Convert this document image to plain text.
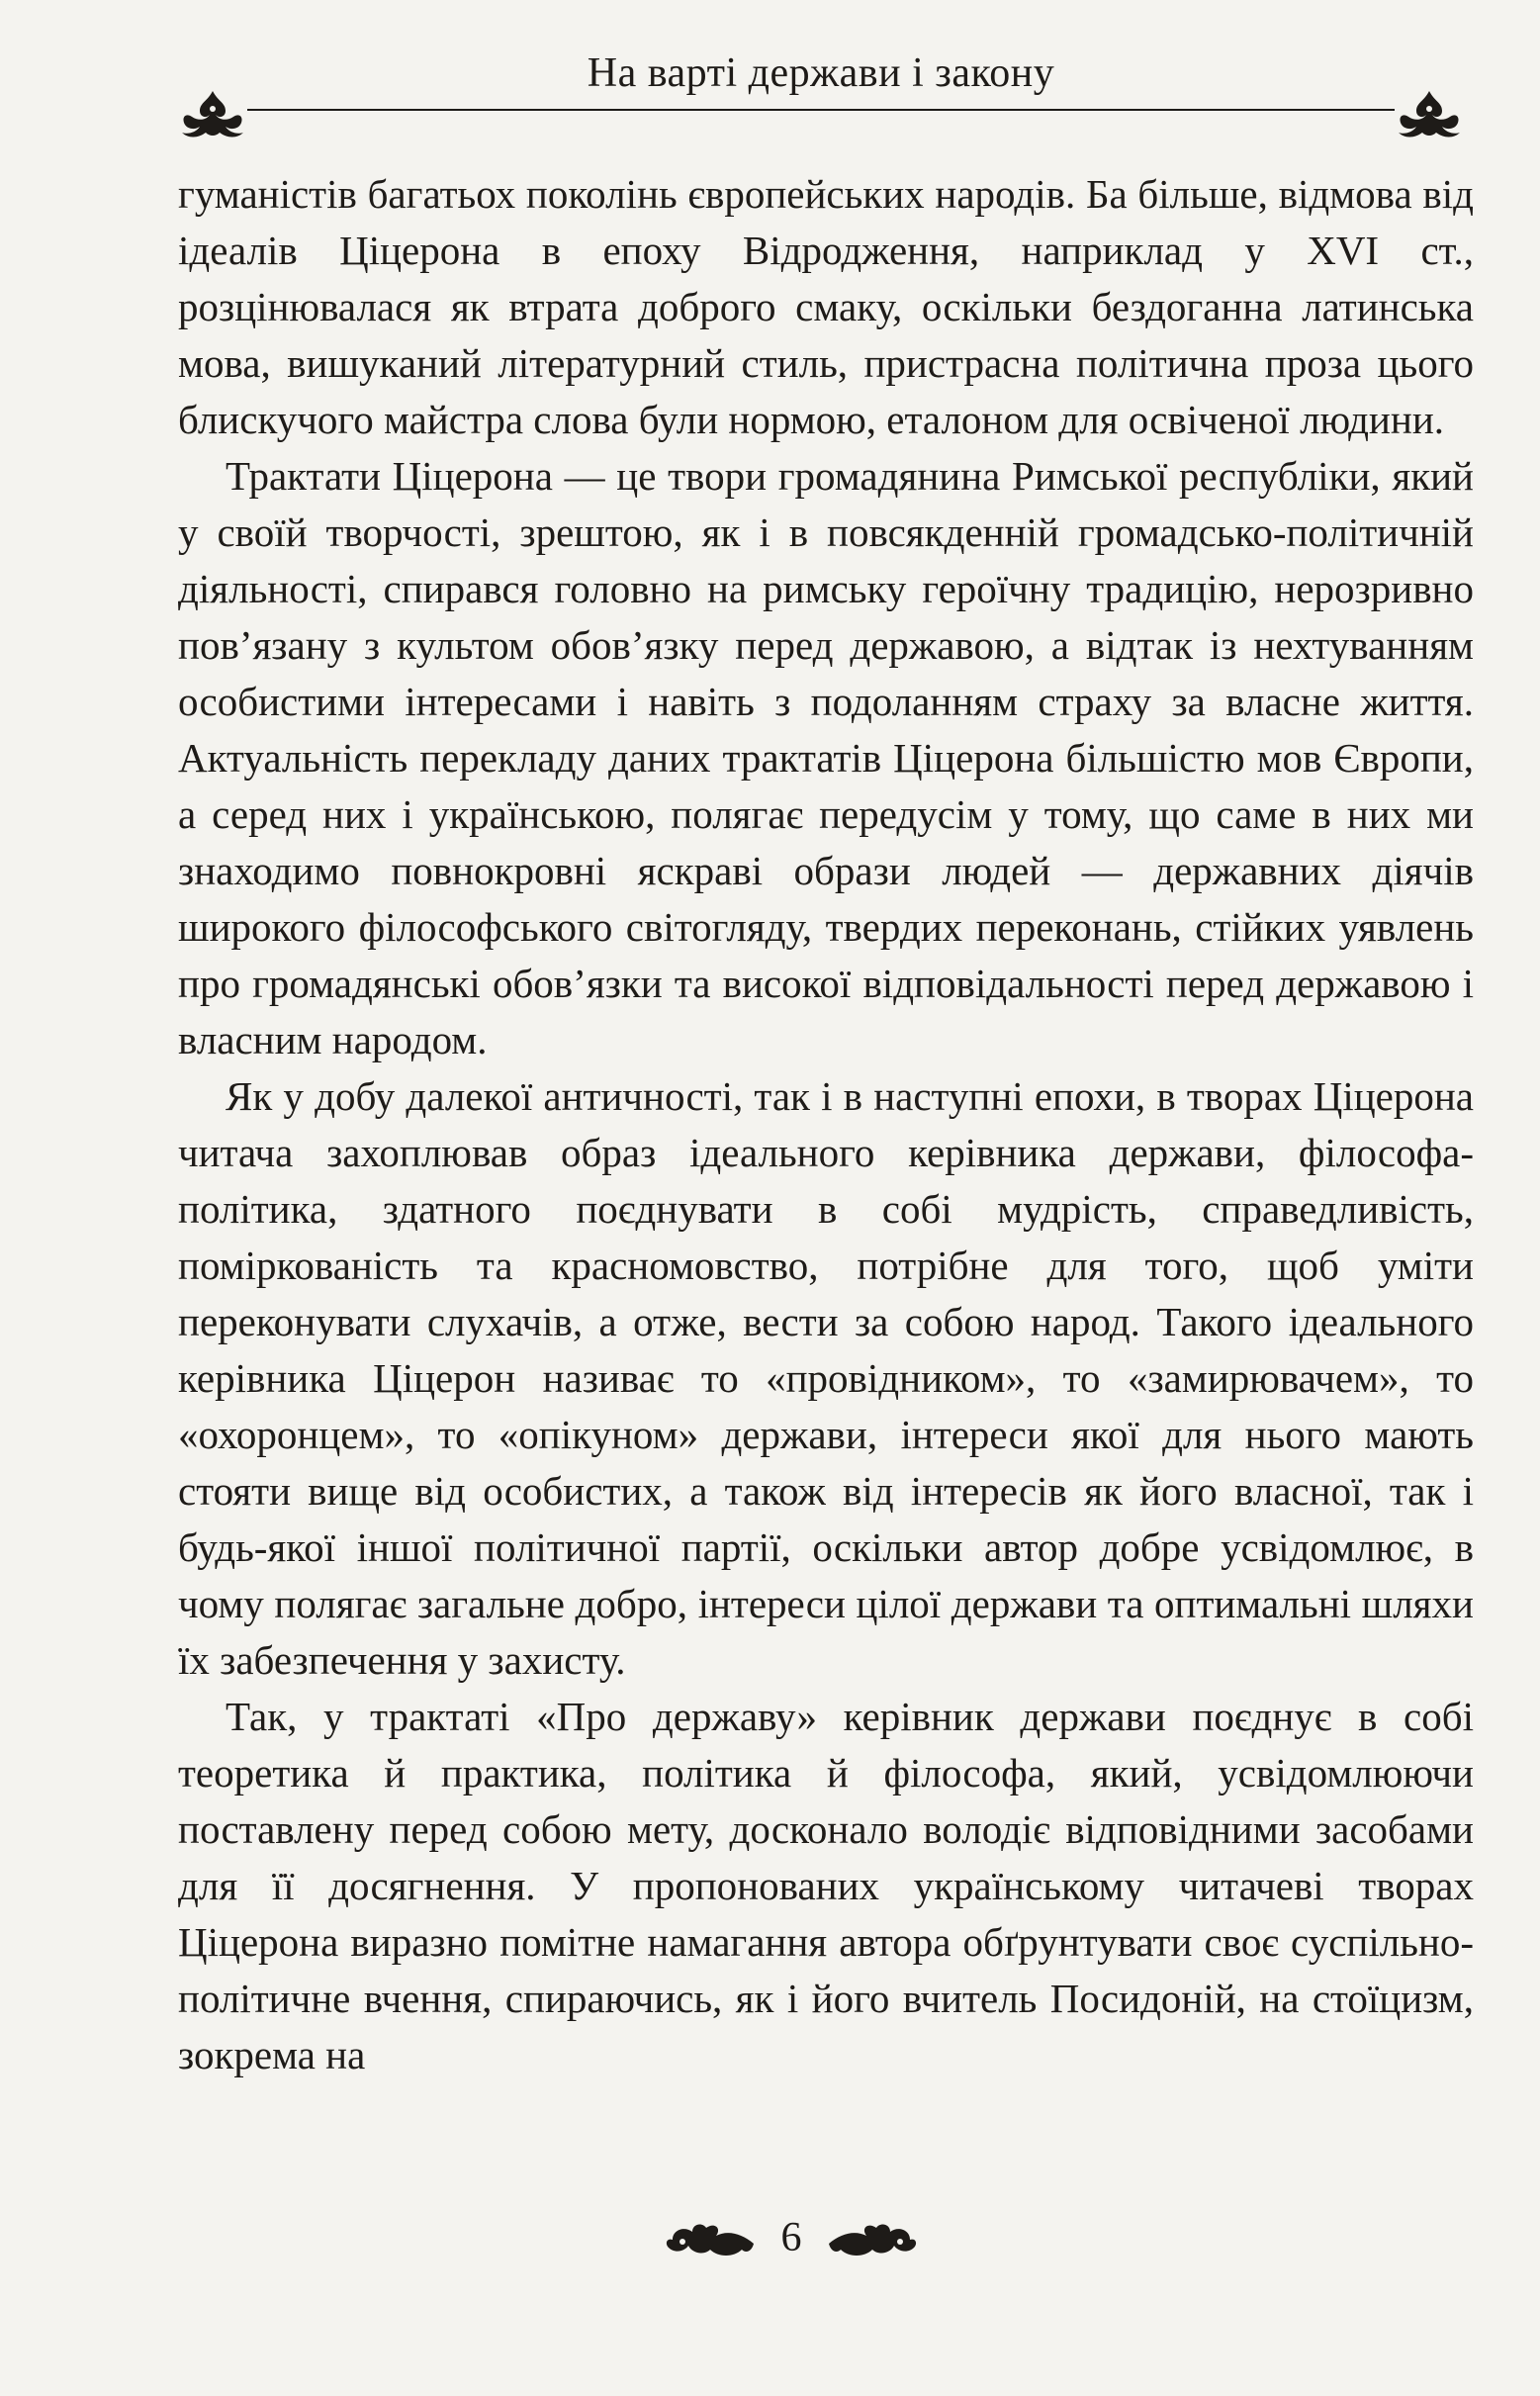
На варті держави і закону

гуманістів багатьох поколінь європейських народів. Ба більше, відмова від ідеалів Ціцерона в епоху Відродження, наприклад у XVI ст., розцінювалася як втрата доброго смаку, оскільки бездоганна латинська мова, вишуканий літературний стиль, пристрасна політична проза цього блискучого майстра слова були нормою, еталоном для освіченої людини.

Трактати Ціцерона — це твори громадянина Римської республіки, який у своїй творчості, зрештою, як і в повсякденній громадсько-політичній діяльності, спирався головно на римську героїчну традицію, нерозривно пов’язану з культом обов’язку перед державою, а відтак із нехтуванням особистими інтересами і навіть з подоланням страху за власне життя. Актуальність перекладу даних трактатів Ціцерона більшістю мов Європи, а серед них і українською, полягає передусім у тому, що саме в них ми знаходимо повнокровні яскраві образи людей — державних діячів широкого філософського світогляду, твердих переконань, стійких уявлень про громадянські обов’язки та високої відповідальності перед державою і власним народом.

Як у добу далекої античності, так і в наступні епохи, в творах Ціцерона читача захоплював образ ідеального керівника держави, філософа-політика, здатного поєднувати в собі мудрість, справедливість, поміркованість та красномовство, потрібне для того, щоб уміти переконувати слухачів, а отже, вести за собою народ. Такого ідеального керівника Ціцерон називає то «провідником», то «замирювачем», то «охоронцем», то «опікуном» держави, інтереси якої для нього мають стояти вище від особистих, а також від інтересів як його власної, так і будь-якої іншої політичної партії, оскільки автор добре усвідомлює, в чому полягає загальне добро, інтереси цілої держави та оптимальні шляхи їх забезпечення у захисту.

Так, у трактаті «Про державу» керівник держави поєднує в собі теоретика й практика, політика й філософа, який, усвідомлюючи поставлену перед собою мету, досконало володіє відповідними засобами для її досягнення. У пропонованих українському читачеві творах Ціцерона виразно помітне намагання автора обґрунтувати своє суспільно-політичне вчення, спираючись, як і його вчитель Посидоній, на стоїцизм, зокрема на

6
